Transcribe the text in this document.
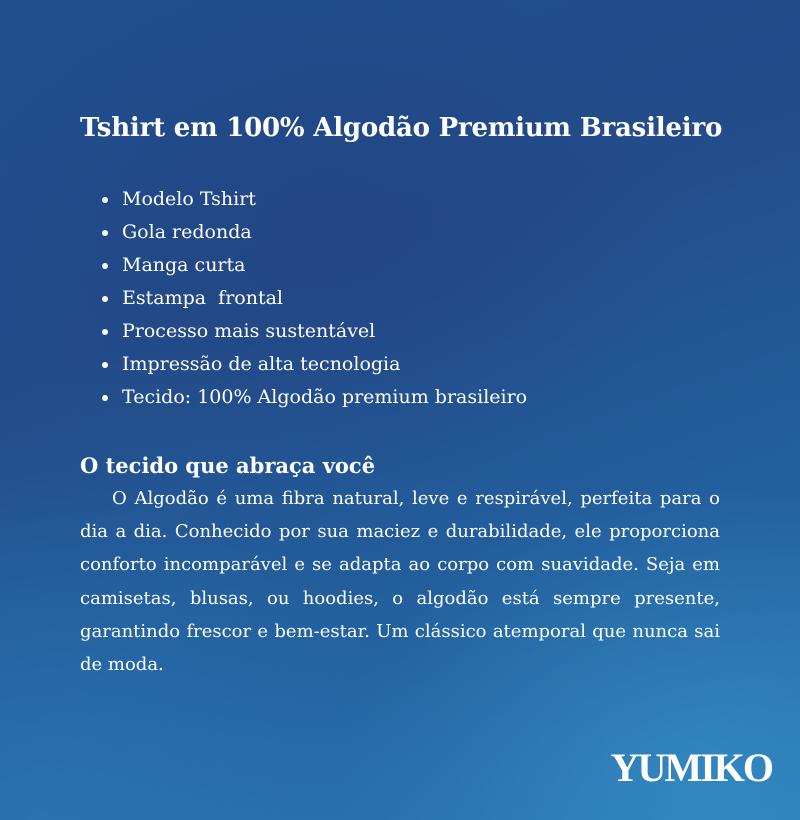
Tshirt em 100% Algodão Premium Brasileiro
Modelo Tshirt
Gola redonda
Manga curta
Estampa  frontal
Processo mais sustentável
Impressão de alta tecnologia
Tecido: 100% Algodão premium brasileiro
O tecido que abraça você

O Algodão é uma fibra natural, leve e respirável, perfeita para o dia a dia. Conhecido por sua maciez e durabilidade, ele proporciona conforto incomparável e se adapta ao corpo com suavidade. Seja em camisetas, blusas, ou hoodies, o algodão está sempre presente, garantindo frescor e bem-estar. Um clássico atemporal que nunca sai de moda.

YUMIKO
